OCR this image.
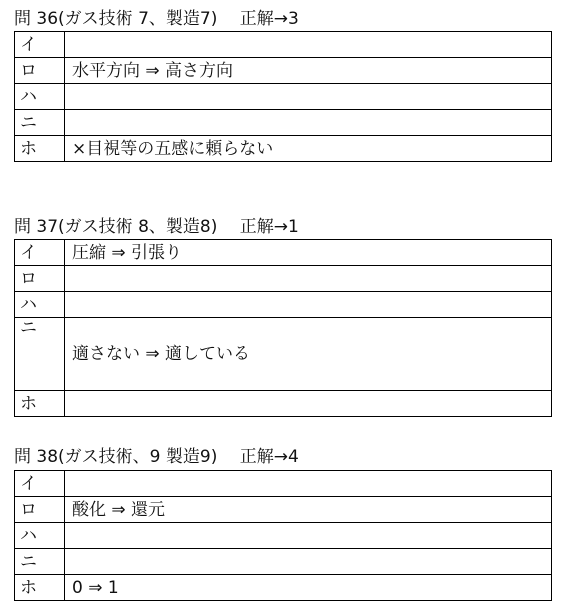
問 36(ガス技術 7、製造7)　 正解→3
イ	
ロ	水平方向 ⇒ 高さ方向
ハ	
ニ	
ホ	×目視等の五感に頼らない
問 37(ガス技術 8、製造8)　 正解→1
イ	圧縮 ⇒ 引張り
ロ	
ハ	
ニ	適さない ⇒ 適している
ホ	
問 38(ガス技術、9 製造9)　 正解→4
イ	
ロ	酸化 ⇒ 還元
ハ	
ニ	
ホ	0 ⇒ 1
